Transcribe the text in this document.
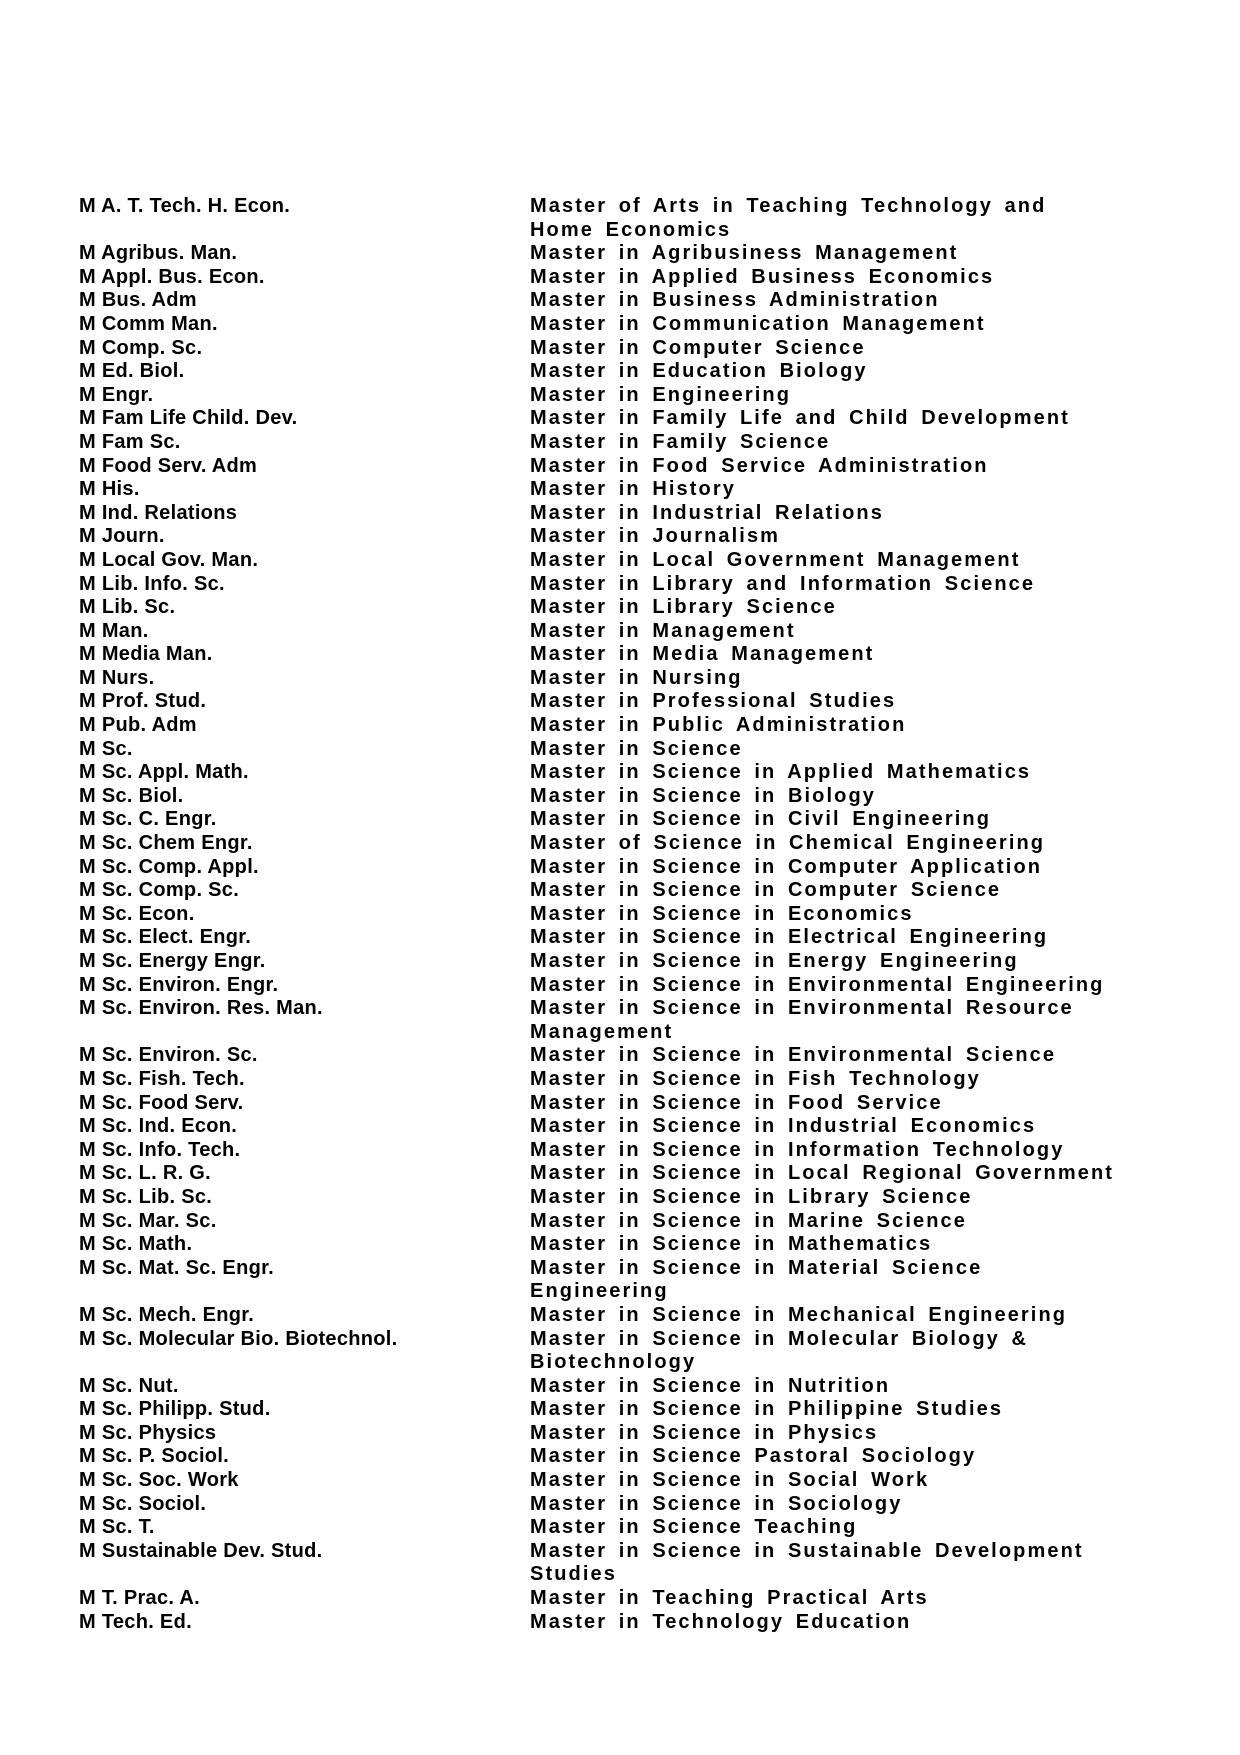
M A. T. Tech. H. Econ.	Master of Arts in Teaching Technology and Home Economics
M Agribus. Man.	Master in Agribusiness Management
M Appl. Bus. Econ.	Master in Applied Business Economics
M Bus. Adm	Master in Business Administration
M Comm Man.	Master in Communication Management
M Comp. Sc.	Master in Computer Science
M Ed. Biol.	Master in Education Biology
M Engr.	Master in Engineering
M Fam Life Child. Dev.	Master in Family Life and Child Development
M Fam Sc.	Master in Family Science
M Food Serv. Adm	Master in Food Service Administration
M His.	Master in History
M Ind. Relations	Master in Industrial Relations
M Journ.	Master in Journalism
M Local Gov. Man.	Master in Local Government Management
M Lib. Info. Sc.	Master in Library and Information Science
M Lib. Sc.	Master in Library Science
M Man.	Master in Management
M Media Man.	Master in Media Management
M Nurs.	Master in Nursing
M Prof. Stud.	Master in Professional Studies
M Pub. Adm	Master in Public Administration
M Sc.	Master in Science
M Sc. Appl. Math.	Master in Science in Applied Mathematics
M Sc. Biol.	Master in Science in Biology
M Sc. C. Engr.	Master in Science in Civil Engineering
M Sc. Chem Engr.	Master of Science in Chemical Engineering
M Sc. Comp. Appl.	Master in Science in Computer Application
M Sc. Comp. Sc.	Master in Science in Computer Science
M Sc. Econ.	Master in Science in Economics
M Sc. Elect. Engr.	Master in Science in Electrical Engineering
M Sc. Energy Engr.	Master in Science in Energy Engineering
M Sc. Environ. Engr.	Master in Science in Environmental Engineering
M Sc. Environ. Res. Man.	Master in Science in Environmental Resource Management
M Sc. Environ. Sc.	Master in Science in Environmental Science
M Sc. Fish. Tech.	Master in Science in Fish Technology
M Sc. Food Serv.	Master in Science in Food Service
M Sc. Ind. Econ.	Master in Science in Industrial Economics
M Sc. Info. Tech.	Master in Science in Information Technology
M Sc. L. R. G.	Master in Science in Local Regional Government
M Sc. Lib. Sc.	Master in Science in Library Science
M Sc. Mar. Sc.	Master in Science in Marine Science
M Sc. Math.	Master in Science in Mathematics
M Sc. Mat. Sc. Engr.	Master in Science in Material Science Engineering
M Sc. Mech. Engr.	Master in Science in Mechanical Engineering
M Sc. Molecular Bio. Biotechnol.	Master in Science in Molecular Biology & Biotechnology
M Sc. Nut.	Master in Science in Nutrition
M Sc. Philipp. Stud.	Master in Science in Philippine Studies
M Sc. Physics	Master in Science in Physics
M Sc. P. Sociol.	Master in Science Pastoral Sociology
M Sc. Soc. Work	Master in Science in Social Work
M Sc. Sociol.	Master in Science in Sociology
M Sc. T.	Master in Science Teaching
M Sustainable Dev. Stud.	Master in Science in Sustainable Development Studies
M T. Prac. A.	Master in Teaching Practical Arts
M Tech. Ed.	Master in Technology Education
